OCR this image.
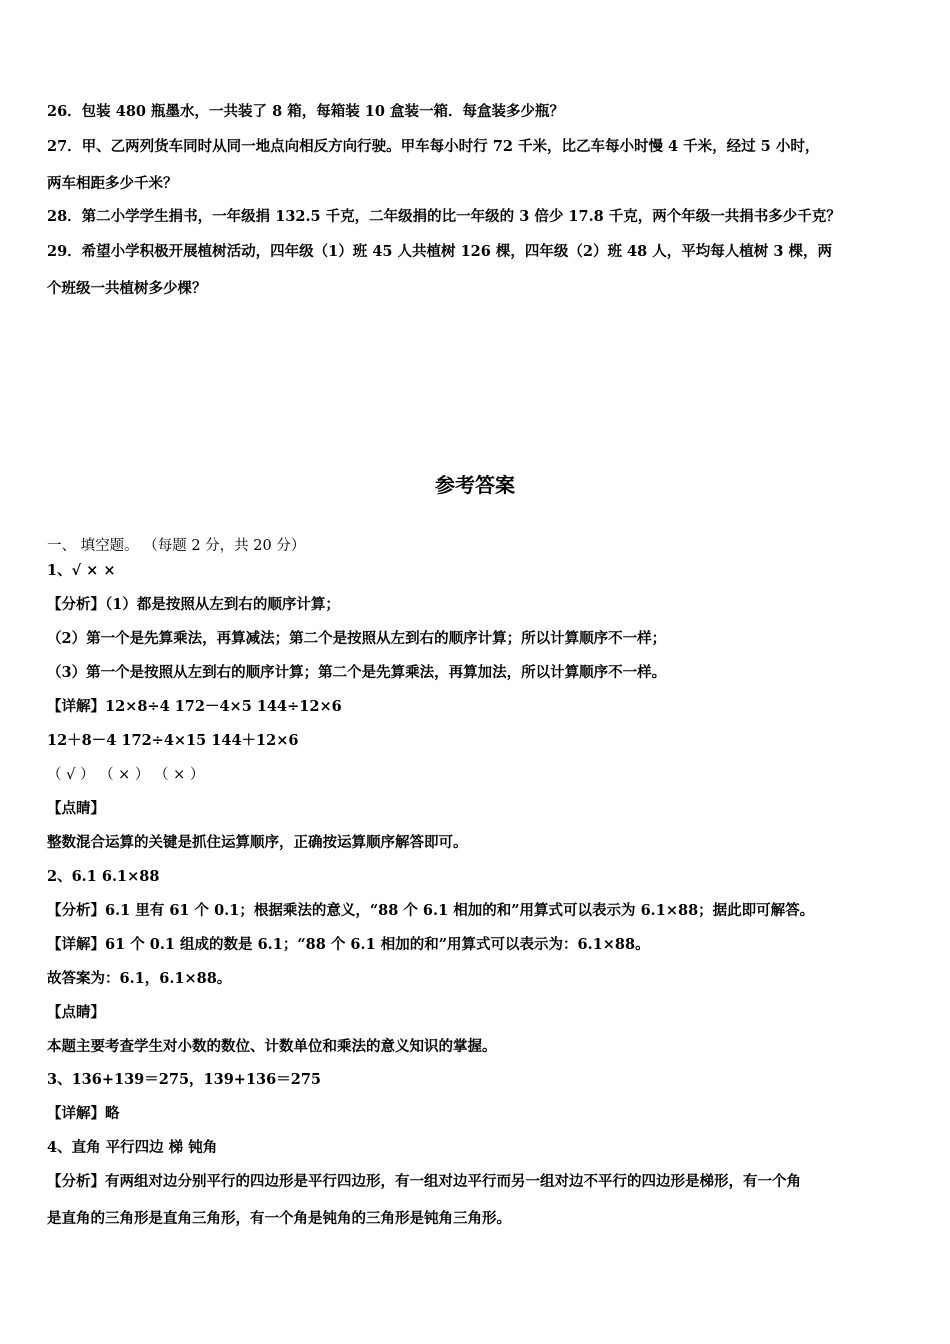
26．包装 480 瓶墨水，一共装了 8 箱，每箱装 10 盒装一箱．每盒装多少瓶？
27．甲、乙两列货车同时从同一地点向相反方向行驶。甲车每小时行 72 千米，比乙车每小时慢 4 千米，经过 5 小时，
两车相距多少千米？
28．第二小学学生捐书，一年级捐 132.5 千克，二年级捐的比一年级的 3 倍少 17.8 千克，两个年级一共捐书多少千克？
29．希望小学积极开展植树活动，四年级（1）班 45 人共植树 126 棵，四年级（2）班 48 人，平均每人植树 3 棵，两
个班级一共植树多少棵？
参考答案
一、 填空题。 （每题 2 分，共 20 分）
1、√ × ×
【分析】（1）都是按照从左到右的顺序计算；
（2）第一个是先算乘法，再算减法；第二个是按照从左到右的顺序计算；所以计算顺序不一样；
（3）第一个是按照从左到右的顺序计算；第二个是先算乘法，再算加法，所以计算顺序不一样。
【详解】12×8÷4 172－4×5 144÷12×6
12＋8－4 172÷4×15 144＋12×6
（ √ ） （ × ） （ × ）
【点睛】
整数混合运算的关键是抓住运算顺序，正确按运算顺序解答即可。
2、6.1 6.1×88
【分析】6.1 里有 61 个 0.1；根据乘法的意义，“88 个 6.1 相加的和”用算式可以表示为 6.1×88；据此即可解答。
【详解】61 个 0.1 组成的数是 6.1；“88 个 6.1 相加的和”用算式可以表示为：6.1×88。
故答案为：6.1，6.1×88。
【点睛】
本题主要考查学生对小数的数位、计数单位和乘法的意义知识的掌握。
3、136+139＝275，139+136＝275
【详解】略
4、直角 平行四边 梯 钝角
【分析】有两组对边分别平行的四边形是平行四边形，有一组对边平行而另一组对边不平行的四边形是梯形，有一个角
是直角的三角形是直角三角形，有一个角是钝角的三角形是钝角三角形。
